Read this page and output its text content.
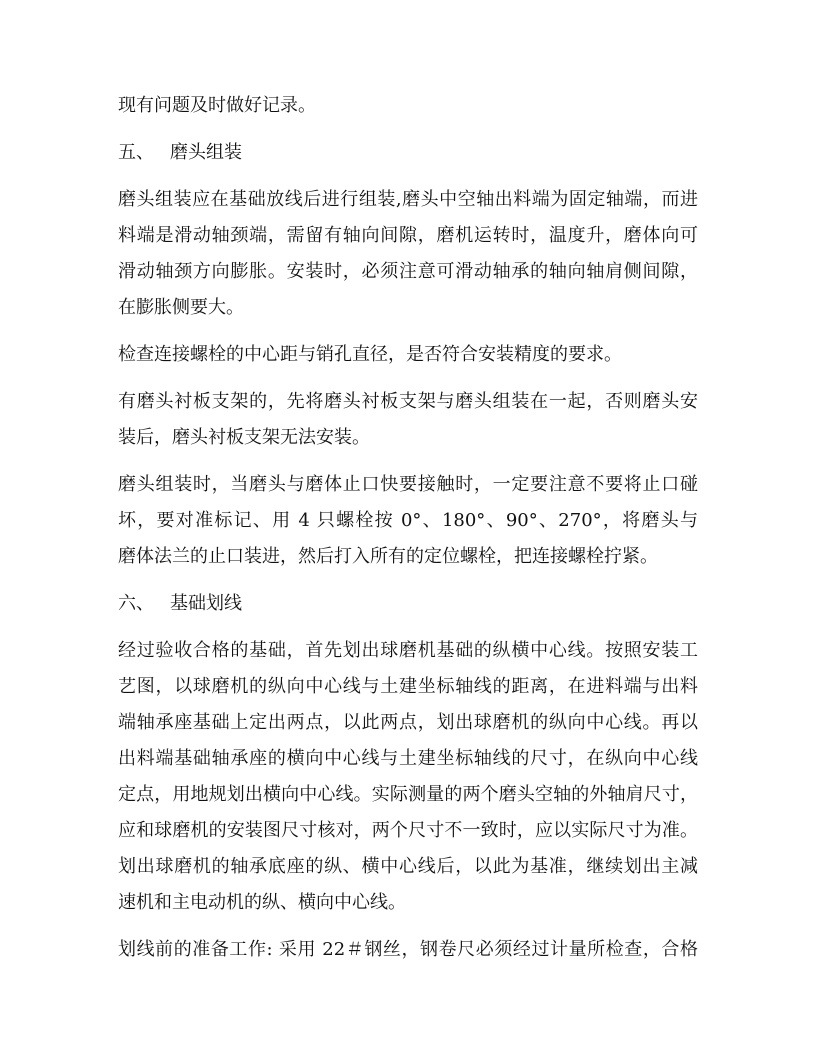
现有问题及时做好记录。
五、 磨头组装
磨头组装应在基础放线后进行组装,磨头中空轴出料端为固定轴端，而进
料端是滑动轴颈端，需留有轴向间隙，磨机运转时，温度升，磨体向可
滑动轴颈方向膨胀。安装时，必须注意可滑动轴承的轴向轴肩侧间隙，
在膨胀侧要大。
检查连接螺栓的中心距与销孔直径，是否符合安装精度的要求。
有磨头衬板支架的，先将磨头衬板支架与磨头组装在一起，否则磨头安
装后，磨头衬板支架无法安装。
磨头组装时，当磨头与磨体止口快要接触时，一定要注意不要将止口碰
坏，要对准标记、用 4 只螺栓按 0°、180°、90°、270°，将磨头与
磨体法兰的止口装进，然后打入所有的定位螺栓，把连接螺栓拧紧。
六、 基础划线
经过验收合格的基础，首先划出球磨机基础的纵横中心线。按照安装工
艺图，以球磨机的纵向中心线与土建坐标轴线的距离，在进料端与出料
端轴承座基础上定出两点，以此两点，划出球磨机的纵向中心线。再以
出料端基础轴承座的横向中心线与土建坐标轴线的尺寸，在纵向中心线
定点，用地规划出横向中心线。实际测量的两个磨头空轴的外轴肩尺寸，
应和球磨机的安装图尺寸核对，两个尺寸不一致时，应以实际尺寸为准。
划出球磨机的轴承底座的纵、横中心线后，以此为基准，继续划出主减
速机和主电动机的纵、横向中心线。
划线前的准备工作: 采用 22＃钢丝，钢卷尺必须经过计量所检查，合格
